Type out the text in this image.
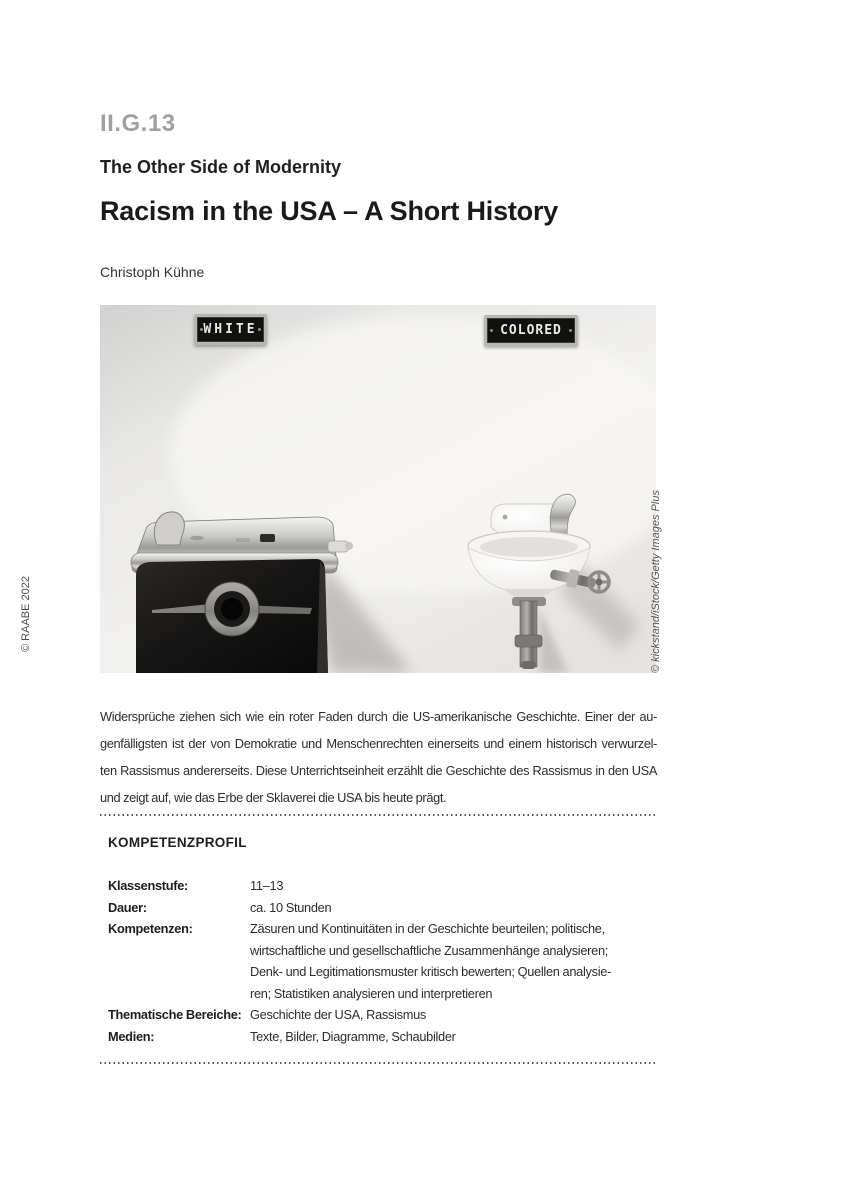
© RAABE 2022
II.G.13
The Other Side of Modernity
Racism in the USA – A Short History
Christoph Kühne
WHITE	COLORED
© kickstand/iStock/Getty Images Plus
Widersprüche ziehen sich wie ein roter Faden durch die US-amerikanische Geschichte. Einer der au-
genfälligsten ist der von Demokratie und Menschenrechten einerseits und einem historisch verwurzel-
ten Rassismus andererseits. Diese Unterrichtseinheit erzählt die Geschichte des Rassismus in den USA
und zeigt auf, wie das Erbe der Sklaverei die USA bis heute prägt.
KOMPETENZPROFIL
Klassenstufe:	11–13
Dauer:	ca. 10 Stunden
Kompetenzen:	Zäsuren und Kontinuitäten in der Geschichte beurteilen; politische,
wirtschaftliche und gesellschaftliche Zusammenhänge analysieren;
Denk- und Legitimationsmuster kritisch bewerten; Quellen analysie-
ren; Statistiken analysieren und interpretieren
Thematische Bereiche: Geschichte der USA, Rassismus
Medien:	Texte, Bilder, Diagramme, Schaubilder
